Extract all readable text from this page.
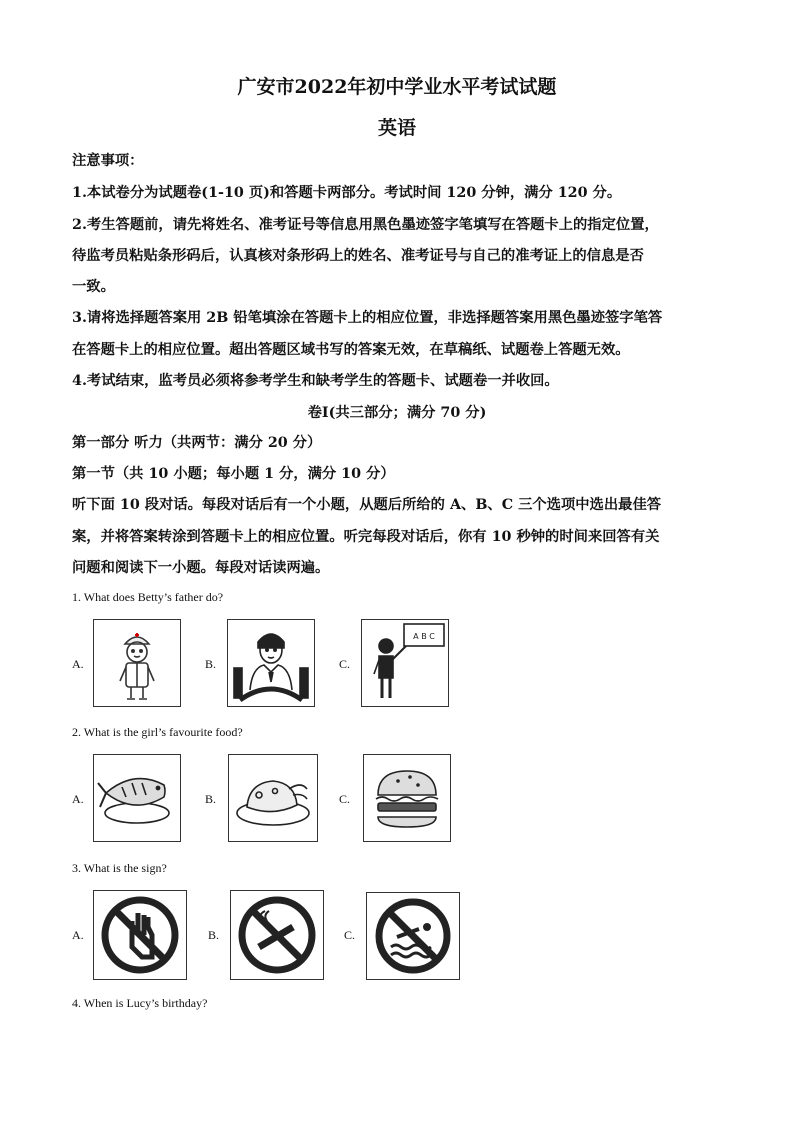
广安市2022年初中学业水平考试试题
英语
注意事项：
1.本试卷分为试题卷(1-10 页)和答题卡两部分。考试时间 120 分钟，满分 120 分。
2.考生答题前，请先将姓名、准考证号等信息用黑色墨迹签字笔填写在答题卡上的指定位置，
待监考员粘贴条形码后，认真核对条形码上的姓名、准考证号与自己的准考证上的信息是否
一致。
3.请将选择题答案用 2B 铅笔填涂在答题卡上的相应位置，非选择题答案用黑色墨迹签字笔答
在答题卡上的相应位置。超出答题区域书写的答案无效，在草稿纸、试题卷上答题无效。
4.考试结束，监考员必须将参考学生和缺考学生的答题卡、试题卷一并收回。
卷Ⅰ(共三部分；满分 70 分)
第一部分 听力（共两节：满分 20 分）
第一节（共 10 小题；每小题 1 分，满分 10 分）
听下面 10 段对话。每段对话后有一个小题，从题后所给的 A、B、C 三个选项中选出最佳答
案，并将答案转涂到答题卡上的相应位置。听完每段对话后，你有 10 秒钟的时间来回答有关
问题和阅读下一小题。每段对话读两遍。
1. What does Betty’s father do?
A.	B.	C.
A B C
2. What is the girl’s favourite food?
A.	B.	C.
3. What is the sign?
A.	B.	C.
4. When is Lucy’s birthday?
